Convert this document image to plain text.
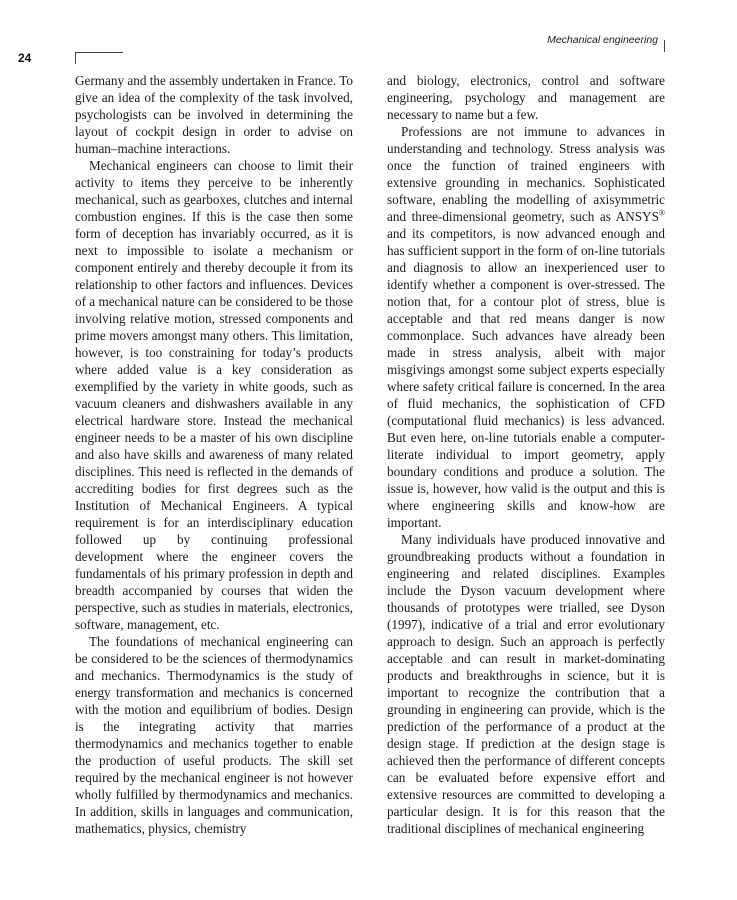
Mechanical engineering
24

Germany and the assembly undertaken in France. To give an idea of the complexity of the task involved, psychologists can be involved in determining the layout of cockpit design in order to advise on human–machine interactions.

Mechanical engineers can choose to limit their activity to items they perceive to be inherently mechanical, such as gearboxes, clutches and internal combustion engines. If this is the case then some form of deception has invariably occurred, as it is next to impossible to isolate a mechanism or component entirely and thereby decouple it from its relationship to other factors and influences. Devices of a mechanical nature can be considered to be those involving relative motion, stressed components and prime movers amongst many others. This limitation, however, is too constraining for today’s products where added value is a key consideration as exemplified by the variety in white goods, such as vacuum cleaners and dishwashers available in any electrical hardware store. Instead the mechanical engineer needs to be a master of his own discipline and also have skills and awareness of many related disciplines. This need is reflected in the demands of accrediting bodies for first degrees such as the Institution of Mechanical Engineers. A typical requirement is for an interdisciplinary education followed up by continuing professional development where the engineer covers the fundamentals of his primary profession in depth and breadth accompanied by courses that widen the perspective, such as studies in materials, electronics, software, management, etc.

The foundations of mechanical engineering can be considered to be the sciences of thermodynamics and mechanics. Thermodynamics is the study of energy transformation and mechanics is concerned with the motion and equilibrium of bodies. Design is the integrating activity that marries thermodynamics and mechanics together to enable the production of useful products. The skill set required by the mechanical engineer is not however wholly fulfilled by thermodynamics and mechanics. In addition, skills in languages and communication, mathematics, physics, chemistry

and biology, electronics, control and software engineering, psychology and management are necessary to name but a few.

Professions are not immune to advances in understanding and technology. Stress analysis was once the function of trained engineers with extensive grounding in mechanics. Sophisticated software, enabling the modelling of axisymmetric and three-dimensional geometry, such as ANSYS® and its competitors, is now advanced enough and has sufficient support in the form of on-line tutorials and diagnosis to allow an inexperienced user to identify whether a component is over-stressed. The notion that, for a contour plot of stress, blue is acceptable and that red means danger is now commonplace. Such advances have already been made in stress analysis, albeit with major misgivings amongst some subject experts especially where safety critical failure is concerned. In the area of fluid mechanics, the sophistication of CFD (computational fluid mechanics) is less advanced. But even here, on-line tutorials enable a computer-literate individual to import geometry, apply boundary conditions and produce a solution. The issue is, however, how valid is the output and this is where engineering skills and know-how are important.

Many individuals have produced innovative and groundbreaking products without a foundation in engineering and related disciplines. Examples include the Dyson vacuum development where thousands of prototypes were trialled, see Dyson (1997), indicative of a trial and error evolutionary approach to design. Such an approach is perfectly acceptable and can result in market-dominating products and breakthroughs in science, but it is important to recognize the contribution that a grounding in engineering can provide, which is the prediction of the performance of a product at the design stage. If prediction at the design stage is achieved then the performance of different concepts can be evaluated before expensive effort and extensive resources are committed to developing a particular design. It is for this reason that the traditional disciplines of mechanical engineering
